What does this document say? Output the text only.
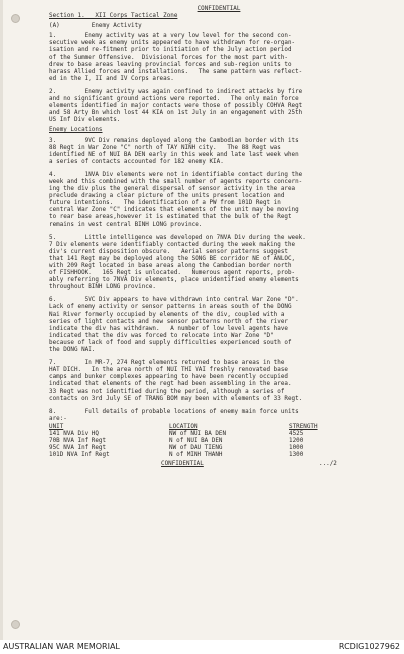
CONFIDENTIAL
Section 1.   XII Corps Tactical Zone
(A)         Enemy Activity
1.        Enemy activity was at a very low level for the second con-
secutive week as enemy units appeared to have withdrawn for re-organ-
isation and re-fitment prior to initiation of the July action period
of the Summer Offensive.  Divisional forces for the most part with-
drew to base areas leaving provincial forces and sub-region units to
harass Allied forces and installations.   The same pattern was reflect-
ed in the I, II and IV Corps areas.
2.        Enemy activity was again confined to indirect attacks by fire
and no significant ground actions were reported.   The only main force
elements identified in major contacts were those of possibly COHVA Regt
and 58 Arty Bn which lost 44 KIA on 1st July in an engagement with 25th
US Inf Div elements.
Enemy Locations
3.        9VC Div remains deployed along the Cambodian border with its
88 Regt in War Zone "C" north of TAY NINH city.   The 88 Regt was
identified NE of NUI BA DEN early in this week and late last week when
a series of contacts accounted for 182 enemy KIA.
4.        1NVA Div elements were not in identifiable contact during the
week and this combined with the small number of agents reports concern-
ing the div plus the general dispersal of sensor activity in the area
preclude drawing a clear picture of the units present location and
future intentions.   The identification of a PW from 101D Regt in
central War Zone "C" indicates that elements of the unit may be moving
to rear base areas,however it is estimated that the bulk of the Regt
remains in west central BINH LONG province.
5.        Little intelligence was developed on 7NVA Div during the week.
7 Div elements were identifiably contacted during the week making the
div's current disposition obscure.   Aerial sensor patterns suggest
that 141 Regt may be deployed along the SONG BE corridor NE of ANLOC,
with 209 Regt located in base areas along the Cambodian border north
of FISHHOOK.   165 Regt is unlocated.   Numerous agent reports, prob-
ably referring to 7NVA Div elements, place unidentified enemy elements
throughout BINH LONG province.
6.        5VC Div appears to have withdrawn into central War Zone "D".
Lack of enemy activity or sensor patterns in areas south of the DONG
Nai River formerly occupied by elements of the div, coupled with a
series of light contacts and new sensor patterns north of the river
indicate the div has withdrawn.   A number of low level agents have
indicated that the div was forced to relocate into War Zone "D"
because of lack of food and supply difficulties experienced south of
the DONG NAI.
7.        In MR-7, 274 Regt elements returned to base areas in the
HAT DICH.   In the area north of NUI THI VAI freshly renovated base
camps and bunker complexes appearing to have been recently occupied
indicated that elements of the regt had been assembling in the area.
33 Regt was not identified during the period, although a series of
contacts on 3rd July SE of TRANG BOM may been with elements of 33 Regt.
8.        Full details of probable locations of enemy main force units
are:-
UNIT	LOCATION	STRENGTH
141 NVA Div HQ	NW of NUI BA DEN	4525
70B NVA Inf Regt	N of NUI BA DEN	1200
95C NVA Inf Regt	NW of DAU TIENG	1000
101D NVA Inf Regt	N of MINH THANH	1300
CONFIDENTIAL	.../2
AUSTRALIAN WAR MEMORIAL	RCDIG1027962
